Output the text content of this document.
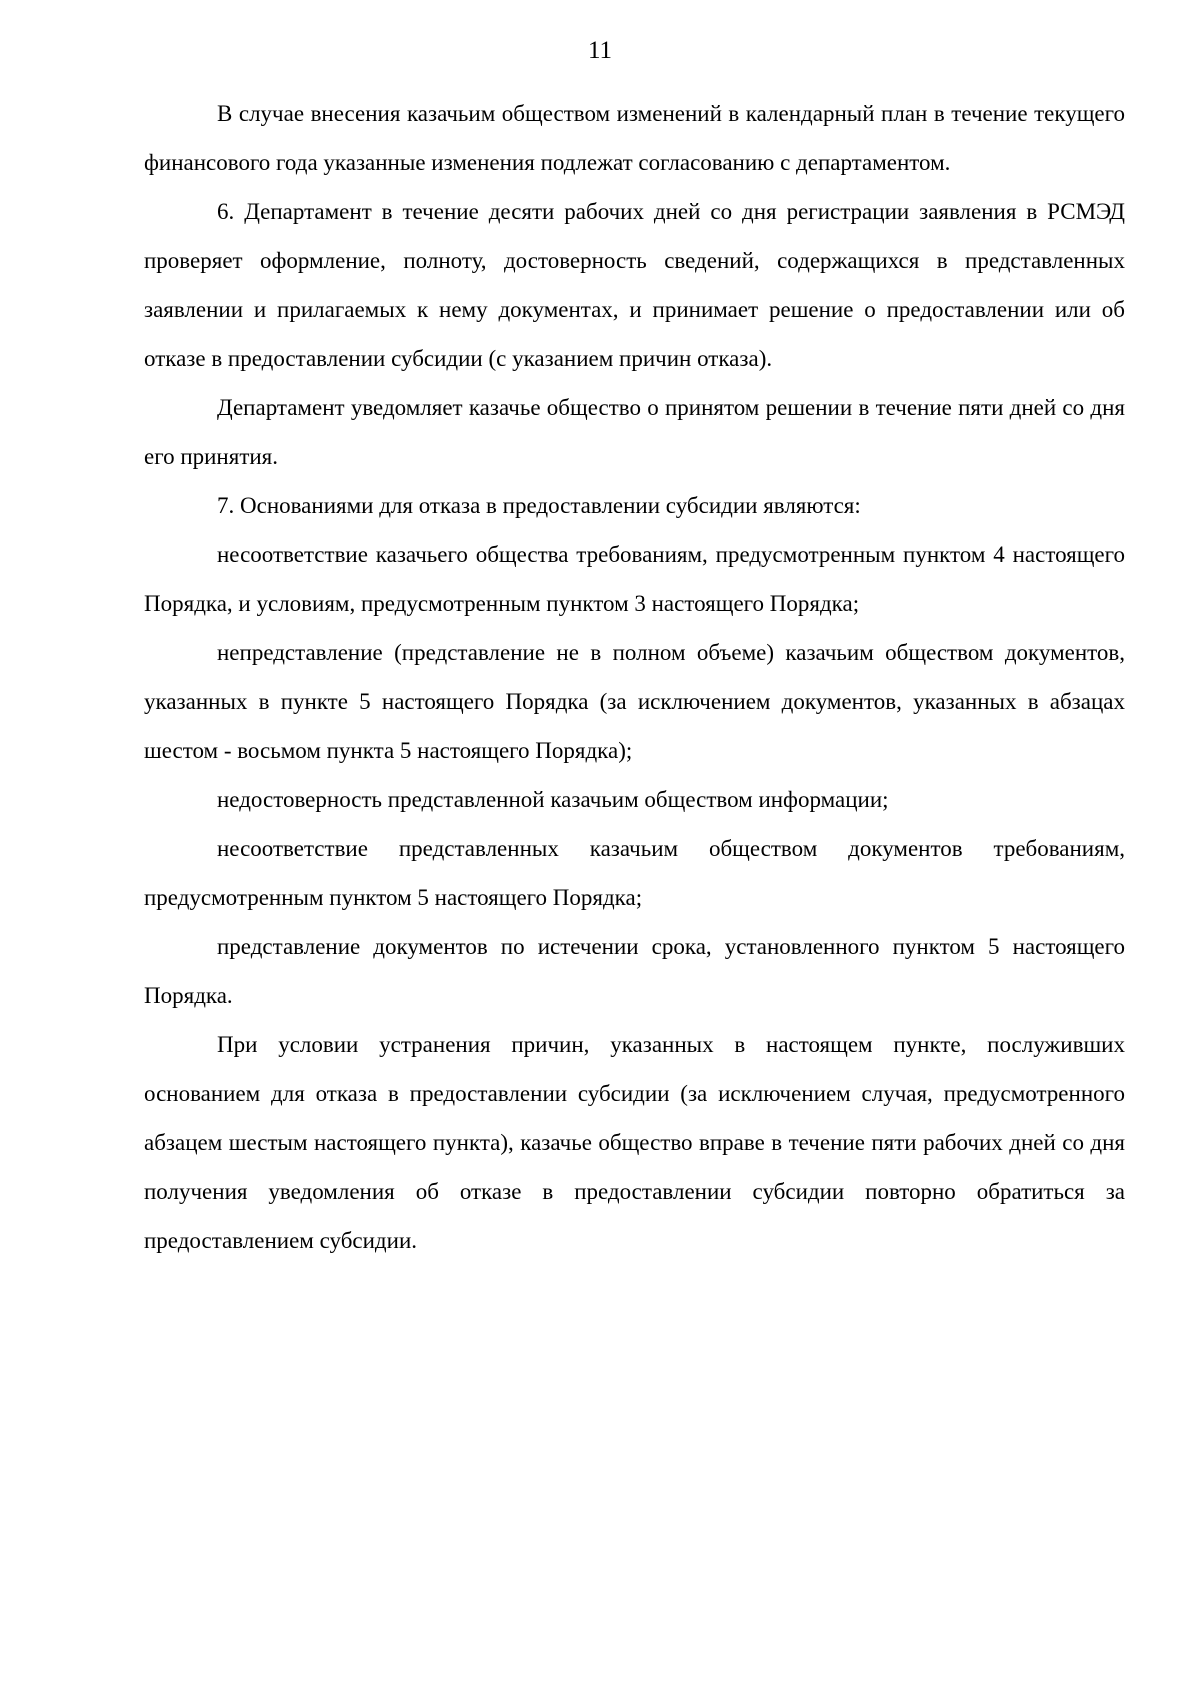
11

В случае внесения казачьим обществом изменений в календарный план в течение текущего финансового года указанные изменения подлежат согласованию с департаментом.

6. Департамент в течение десяти рабочих дней со дня регистрации заявления в РСМЭД проверяет оформление, полноту, достоверность сведений, содержащихся в представленных заявлении и прилагаемых к нему документах, и принимает решение о предоставлении или об отказе в предоставлении субсидии (с указанием причин отказа).

Департамент уведомляет казачье общество о принятом решении в течение пяти дней со дня его принятия.

7. Основаниями для отказа в предоставлении субсидии являются:

несоответствие казачьего общества требованиям, предусмотренным пунктом 4 настоящего Порядка, и условиям, предусмотренным пунктом 3 настоящего Порядка;

непредставление (представление не в полном объеме) казачьим обществом документов, указанных в пункте 5 настоящего Порядка (за исключением документов, указанных в абзацах шестом - восьмом пункта 5 настоящего Порядка);

недостоверность представленной казачьим обществом информации;

несоответствие представленных казачьим обществом документов требованиям, предусмотренным пунктом 5 настоящего Порядка;

представление документов по истечении срока, установленного пунктом 5 настоящего Порядка.

При условии устранения причин, указанных в настоящем пункте, послуживших основанием для отказа в предоставлении субсидии (за исключением случая, предусмотренного абзацем шестым настоящего пункта), казачье общество вправе в течение пяти рабочих дней со дня получения уведомления об отказе в предоставлении субсидии повторно обратиться за предоставлением субсидии.
